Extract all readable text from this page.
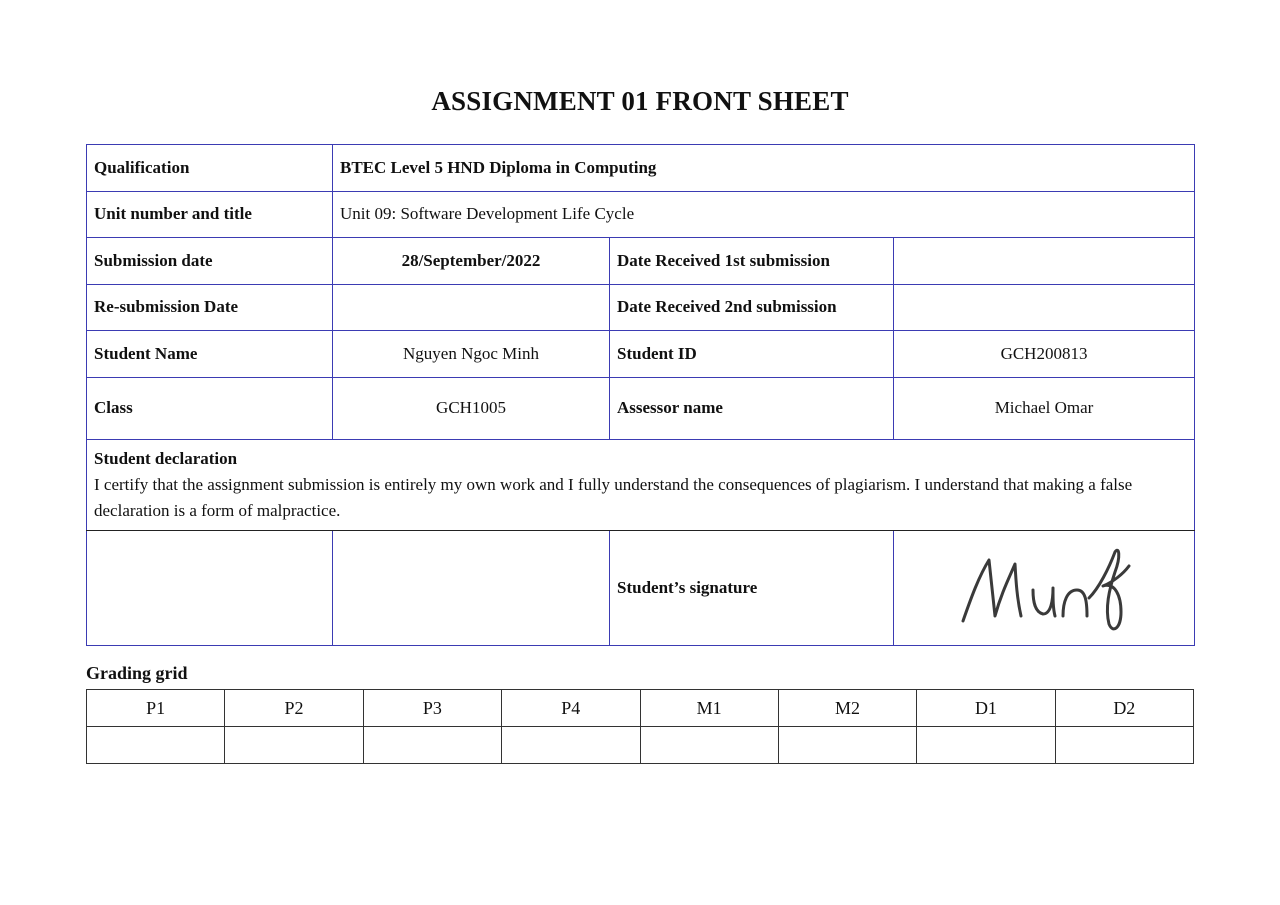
ASSIGNMENT 01 FRONT SHEET
Qualification	BTEC Level 5 HND Diploma in Computing		
Unit number and title	Unit 09: Software Development Life Cycle		
Submission date	28/September/2022	Date Received 1st submission	
Re-submission Date		Date Received 2nd submission	
Student Name	Nguyen Ngoc Minh	Student ID	GCH200813
Class	GCH1005	Assessor name	Michael Omar

Student declaration
I certify that the assignment submission is entirely my own work and I fully understand the consequences of plagiarism. I understand that making a false declaration is a form of malpractice.			

		Student’s signature	

Grading grid

P1	P2	P3	P4	M1	M2	D1	D2
